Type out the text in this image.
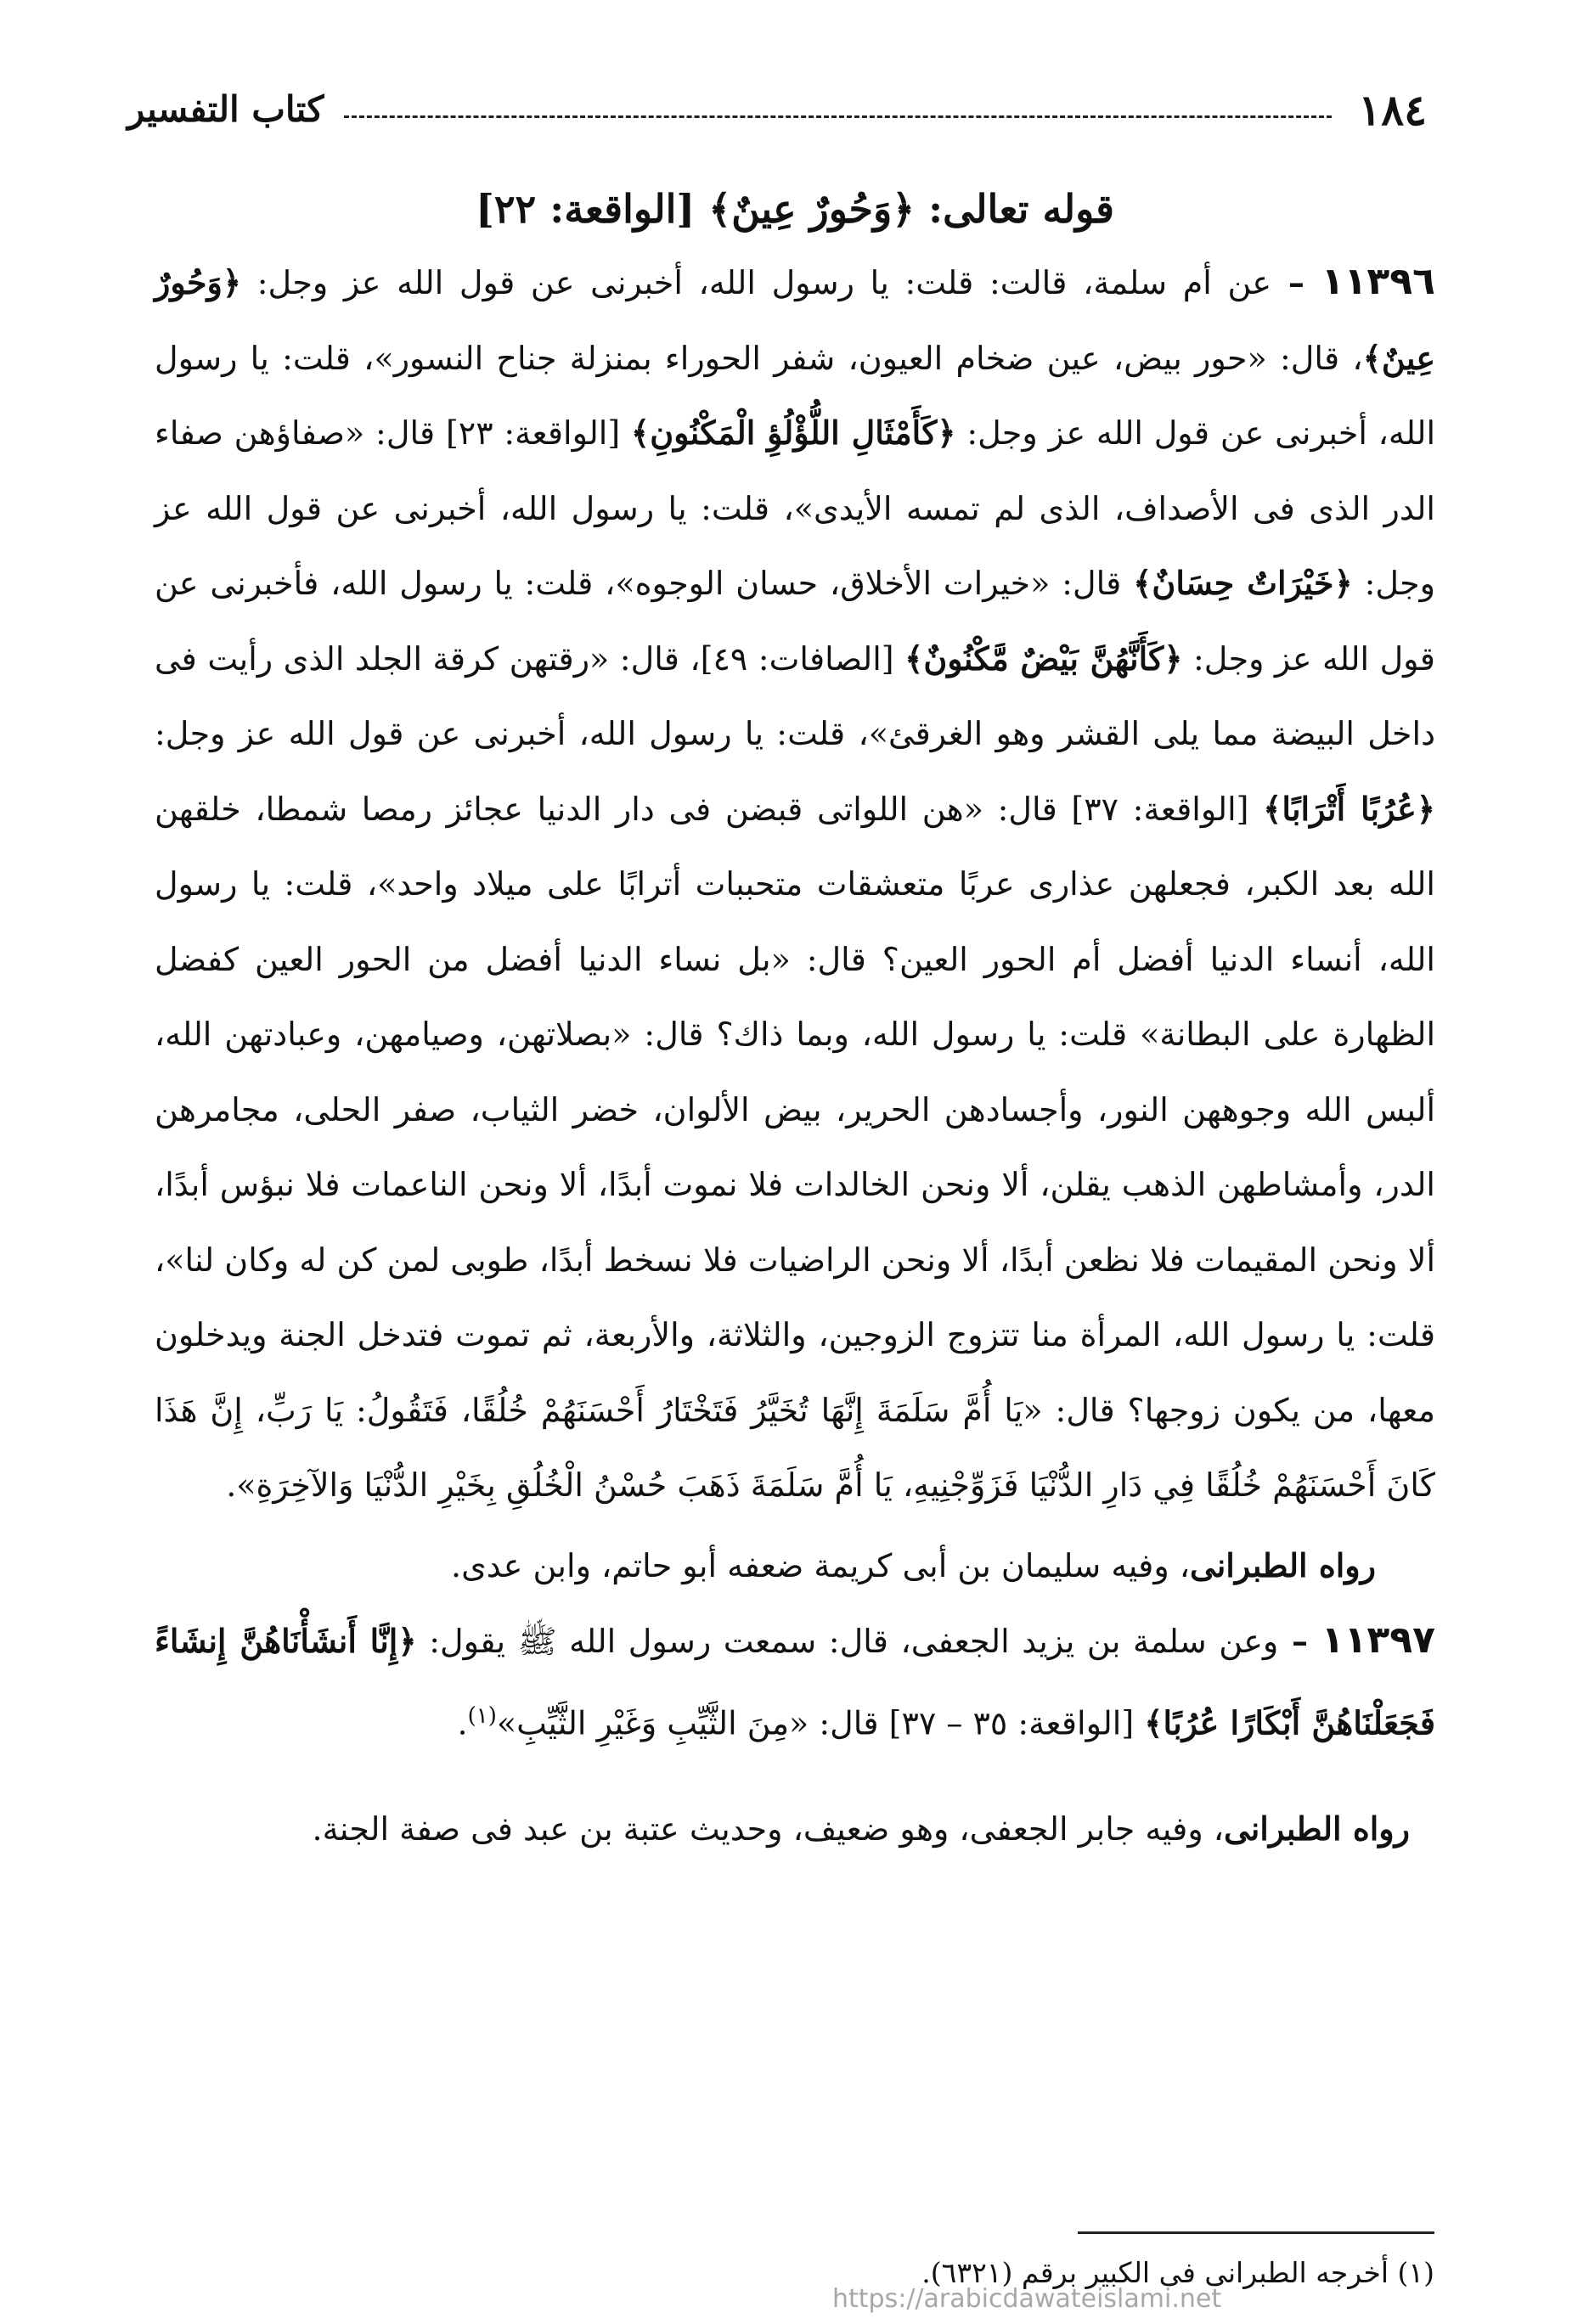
١٨٤
كتاب التفسير

قوله تعالى: ﴿وَحُورٌ عِينٌ﴾ [الواقعة: ٢٢]

١١٣٩٦ – عن أم سلمة، قالت: قلت: يا رسول الله، أخبرنى عن قول الله عز وجل: ﴿وَحُورٌ عِينٌ﴾، قال: «حور بيض، عين ضخام العيون، شفر الحوراء بمنزلة جناح النسور»، قلت: يا رسول الله، أخبرنى عن قول الله عز وجل: ﴿كَأَمْثَالِ اللُّؤْلُؤِ الْمَكْنُونِ﴾ [الواقعة: ٢٣] قال: «صفاؤهن صفاء الدر الذى فى الأصداف، الذى لم تمسه الأيدى»، قلت: يا رسول الله، أخبرنى عن قول الله عز وجل: ﴿خَيْرَاتٌ حِسَانٌ﴾ قال: «خيرات الأخلاق، حسان الوجوه»، قلت: يا رسول الله، فأخبرنى عن قول الله عز وجل: ﴿كَأَنَّهُنَّ بَيْضٌ مَّكْنُونٌ﴾ [الصافات: ٤٩]، قال: «رقتهن كرقة الجلد الذى رأيت فى داخل البيضة مما يلى القشر وهو الغرقئ»، قلت: يا رسول الله، أخبرنى عن قول الله عز وجل: ﴿عُرُبًا أَتْرَابًا﴾ [الواقعة: ٣٧] قال: «هن اللواتى قبضن فى دار الدنيا عجائز رمصا شمطا، خلقهن الله بعد الكبر، فجعلهن عذارى عربًا متعشقات متحببات أترابًا على ميلاد واحد»، قلت: يا رسول الله، أنساء الدنيا أفضل أم الحور العين؟ قال: «بل نساء الدنيا أفضل من الحور العين كفضل الظهارة على البطانة» قلت: يا رسول الله، وبما ذاك؟ قال: «بصلاتهن، وصيامهن، وعبادتهن الله، ألبس الله وجوههن النور، وأجسادهن الحرير، بيض الألوان، خضر الثياب، صفر الحلى، مجامرهن الدر، وأمشاطهن الذهب يقلن، ألا ونحن الخالدات فلا نموت أبدًا، ألا ونحن الناعمات فلا نبؤس أبدًا، ألا ونحن المقيمات فلا نظعن أبدًا، ألا ونحن الراضيات فلا نسخط أبدًا، طوبى لمن كن له وكان لنا»، قلت: يا رسول الله، المرأة منا تتزوج الزوجين، والثلاثة، والأربعة، ثم تموت فتدخل الجنة ويدخلون معها، من يكون زوجها؟ قال: «يَا أُمَّ سَلَمَةَ إِنَّهَا تُخَيَّرُ فَتَخْتَارُ أَحْسَنَهُمْ خُلُقًا، فَتَقُولُ: يَا رَبِّ، إِنَّ هَذَا كَانَ أَحْسَنَهُمْ خُلُقًا فِي دَارِ الدُّنْيَا فَزَوِّجْنِيهِ، يَا أُمَّ سَلَمَةَ ذَهَبَ حُسْنُ الْخُلُقِ بِخَيْرِ الدُّنْيَا وَالآخِرَةِ».

رواه الطبرانى، وفيه سليمان بن أبى كريمة ضعفه أبو حاتم، وابن عدى.

١١٣٩٧ – وعن سلمة بن يزيد الجعفى، قال: سمعت رسول الله ﷺ يقول: ﴿إِنَّا أَنشَأْنَاهُنَّ إِنشَاءً فَجَعَلْنَاهُنَّ أَبْكَارًا عُرُبًا﴾ [الواقعة: ٣٥ – ٣٧] قال: «مِنَ الثَّيِّبِ وَغَيْرِ الثَّيِّبِ»$^{(١)}$.

رواه الطبرانى، وفيه جابر الجعفى، وهو ضعيف، وحديث عتبة بن عبد فى صفة الجنة.

(١) أخرجه الطبرانى فى الكبير برقم (٦٣٢١).

https://arabicdawateislami.net
